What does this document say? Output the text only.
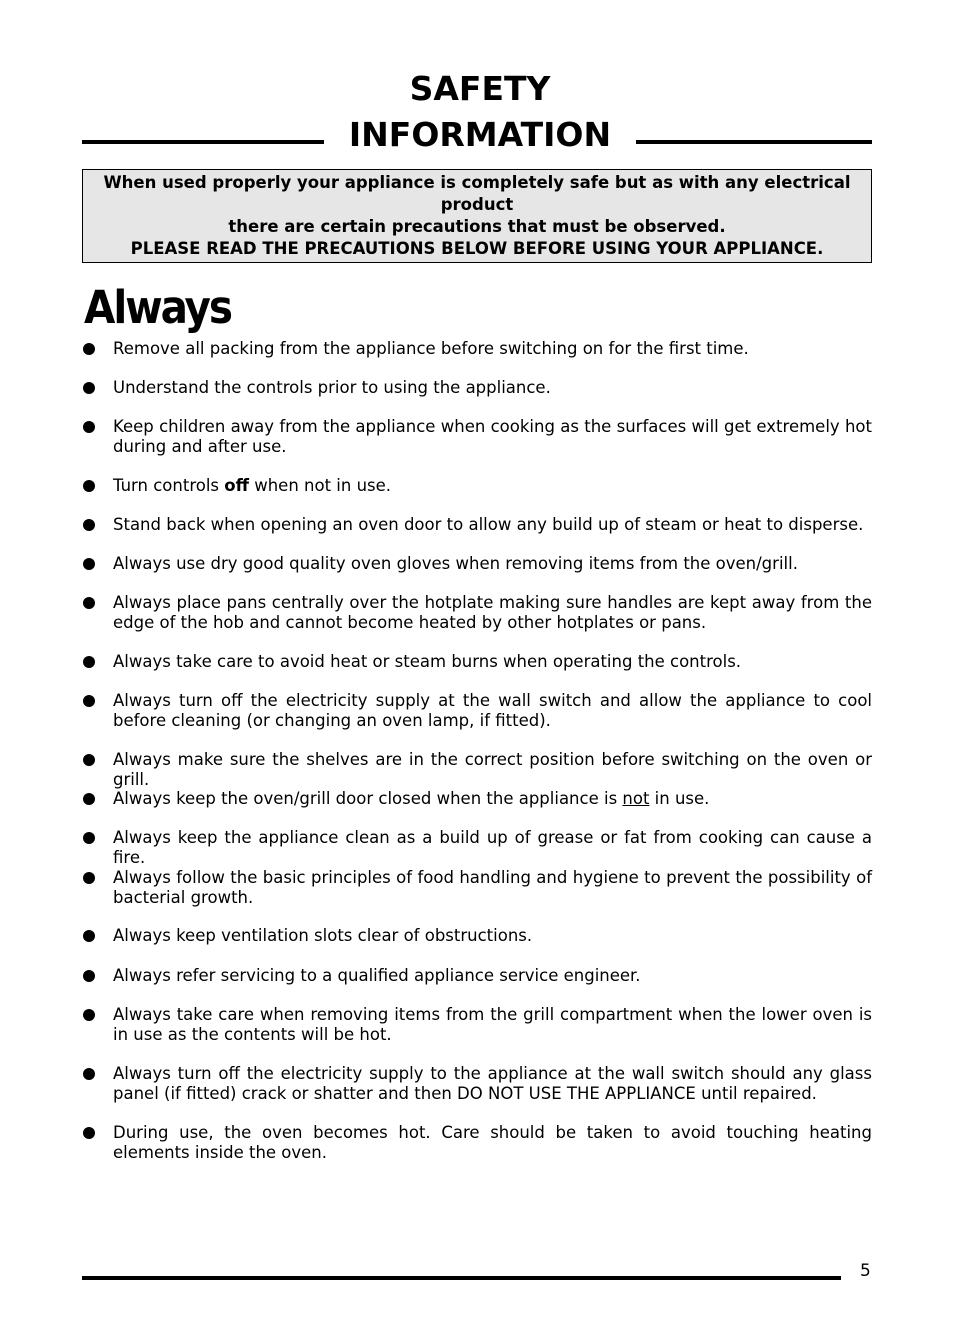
SAFETY
INFORMATION
When used properly your appliance is completely safe but as with any electrical product
there are certain precautions that must be observed.
PLEASE READ THE PRECAUTIONS BELOW BEFORE USING YOUR APPLIANCE.
Always
Remove all packing from the appliance before switching on for the first time.
Understand the controls prior to using the appliance.
Keep children away from the appliance when cooking as the surfaces will get extremely hot during and after use.
Turn controls off when not in use.
Stand back when opening an oven door to allow any build up of steam or heat to disperse.
Always use dry good quality oven gloves when removing items from the oven/grill.
Always place pans centrally over the hotplate making sure handles are kept away from the edge of the hob and cannot become heated by other hotplates or pans.
Always take care to avoid heat or steam burns when operating the controls.
Always turn off the electricity supply at the wall switch and allow the appliance to cool before cleaning (or changing an oven lamp, if fitted).
Always make sure the shelves are in the correct position before switching on the oven or grill.
Always keep the oven/grill door closed when the appliance is not in use.
Always keep the appliance clean as a build up of grease or fat from cooking can cause a fire.
Always follow the basic principles of food handling and hygiene to prevent the possibility of bacterial growth.
Always keep ventilation slots clear of obstructions.
Always refer servicing to a qualified appliance service engineer.
Always take care when removing items from the grill compartment when the lower oven is in use as the contents will be hot.
Always turn off the electricity supply to the appliance at the wall switch should any glass panel (if fitted) crack or shatter and then DO NOT USE THE APPLIANCE until repaired.
During use, the oven becomes hot. Care should be taken to avoid touching heating elements inside the oven.
5
